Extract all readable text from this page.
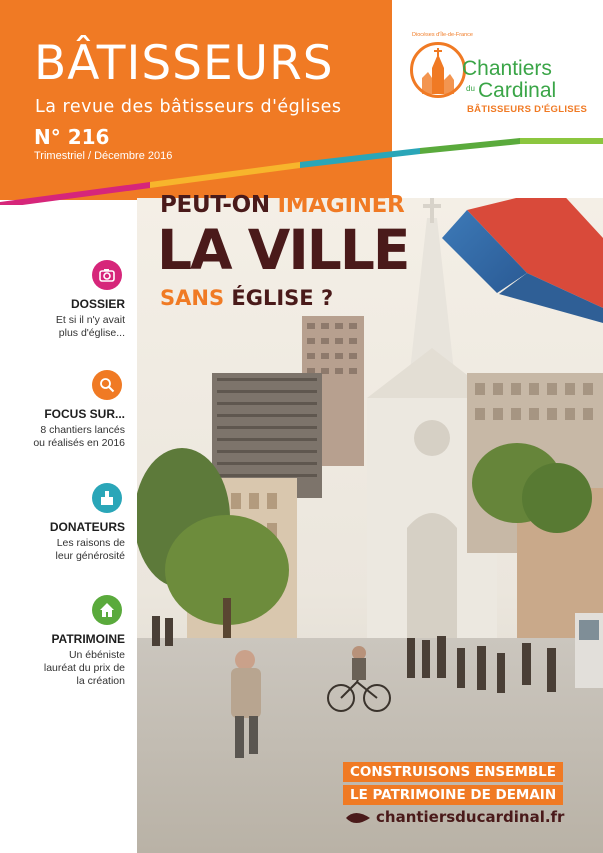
BÂTISSEURS
La revue des bâtisseurs d'églises
N° 216
Trimestriel / Décembre 2016
Diocèses d'Île-de-France
Chantiers
du Cardinal
BÂTISSEURS D'ÉGLISES
PEUT-ON IMAGINER
LA VILLE
SANS ÉGLISE ?
DOSSIER
Et si il n'y avait
plus d'église...
FOCUS SUR...
8 chantiers lancés
ou réalisés en 2016
DONATEURS
Les raisons de
leur générosité
PATRIMOINE
Un ébéniste
lauréat du prix de
la création
CONSTRUISONS ENSEMBLE
LE PATRIMOINE DE DEMAIN
chantiersducardinal.fr
